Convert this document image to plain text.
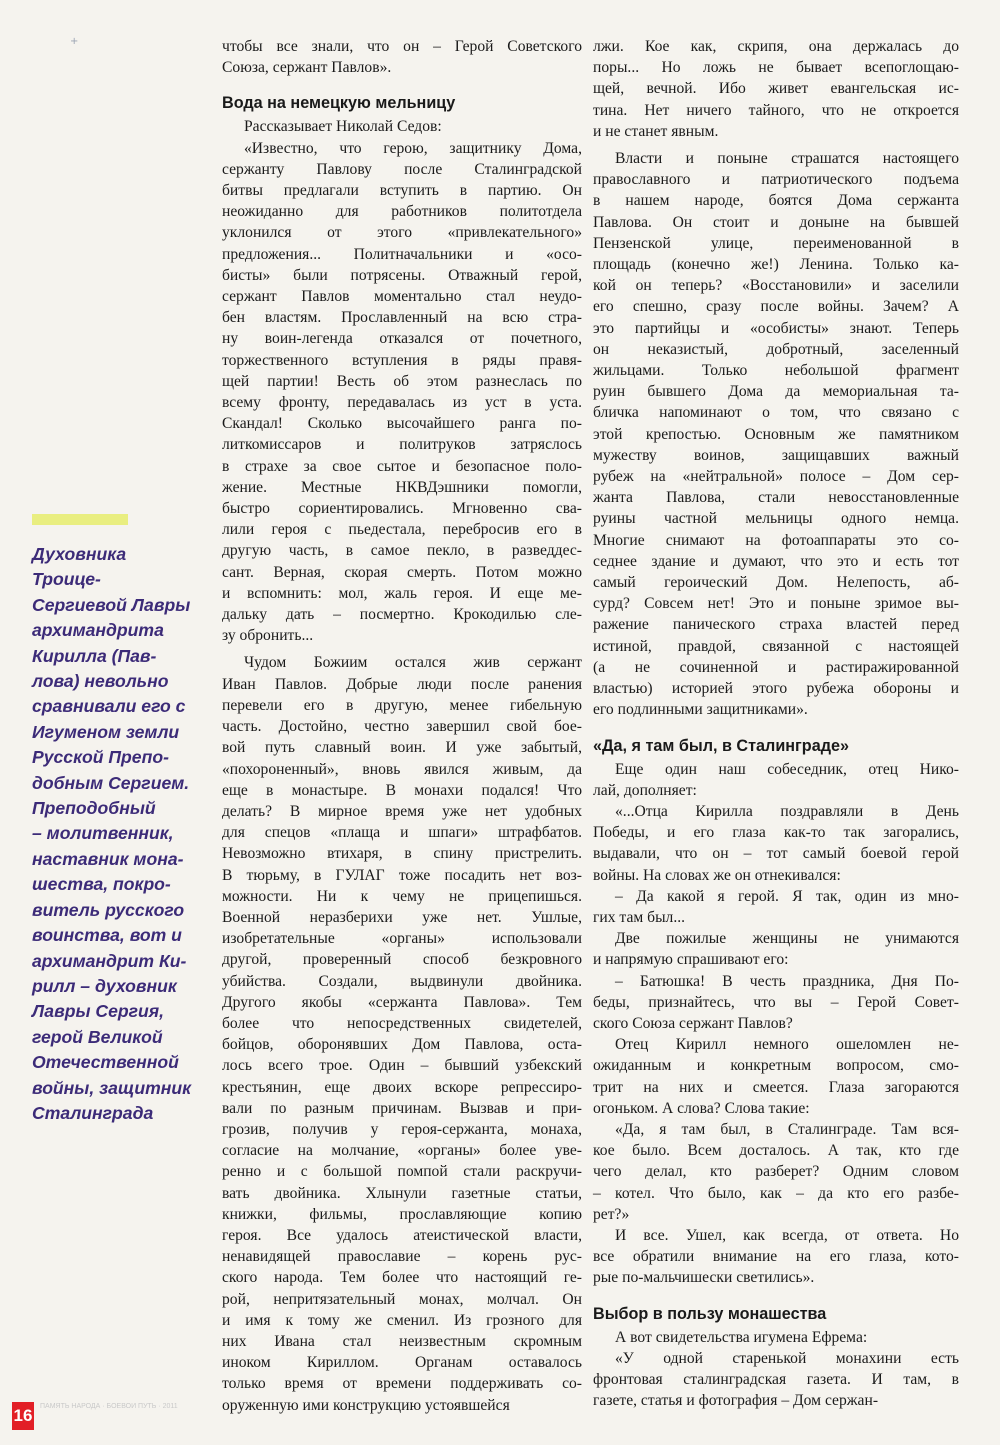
+
Духовника
Троице-
Сергиевой Лавры
архимандрита
Кирилла (Пав-
лова) невольно
сравнивали его с
Игуменом земли
Русской Препо-
добным Сергием.
Преподобный
– молитвенник,
наставник мона-
шества, покро-
витель русского
воинства, вот и
архимандрит Ки-
рилл – духовник
Лавры Сергия,
герой Великой
Отечественной
войны, защитник
Сталинграда
чтобы все знали, что он – Герой Советского
Союза, сержант Павлов».
Вода на немецкую мельницу
Рассказывает Николай Седов:
«Известно, что герою, защитнику Дома,
сержанту Павлову после Сталинградской
битвы предлагали вступить в партию. Он
неожиданно для работников политотдела
уклонился от этого «привлекательного»
предложения... Политначальники и «осо-
бисты» были потрясены. Отважный герой,
сержант Павлов моментально стал неудо-
бен властям. Прославленный на всю стра-
ну воин-легенда отказался от почетного,
торжественного вступления в ряды правя-
щей партии! Весть об этом разнеслась по
всему фронту, передавалась из уст в уста.
Скандал! Сколько высочайшего ранга по-
литкомиссаров и политруков затряслось
в страхе за свое сытое и безопасное поло-
жение. Местные НКВДэшники помогли,
быстро сориентировались. Мгновенно сва-
лили героя с пьедестала, перебросив его в
другую часть, в самое пекло, в разведдес-
сант. Верная, скорая смерть. Потом можно
и вспомнить: мол, жаль героя. И еще ме-
дальку дать – посмертно. Крокодилью сле-
зу обронить...
Чудом Божиим остался жив сержант
Иван Павлов. Добрые люди после ранения
перевели его в другую, менее гибельную
часть. Достойно, честно завершил свой бое-
вой путь славный воин. И уже забытый,
«похороненный», вновь явился живым, да
еще в монастыре. В монахи подался! Что
делать? В мирное время уже нет удобных
для спецов «плаща и шпаги» штрафбатов.
Невозможно втихаря, в спину пристрелить.
В тюрьму, в ГУЛАГ тоже посадить нет воз-
можности. Ни к чему не прицепишься.
Военной неразберихи уже нет. Ушлые,
изобретательные «органы» использовали
другой, проверенный способ безкровного
убийства. Создали, выдвинули двойника.
Другого якобы «сержанта Павлова». Тем
более что непосредственных свидетелей,
бойцов, оборонявших Дом Павлова, оста-
лось всего трое. Один – бывший узбекский
крестьянин, еще двоих вскоре репрессиро-
вали по разным причинам. Вызвав и при-
грозив, получив у героя-сержанта, монаха,
согласие на молчание, «органы» более уве-
ренно и с большой помпой стали раскручи-
вать двойника. Хлынули газетные статьи,
книжки, фильмы, прославляющие копию
героя. Все удалось атеистической власти,
ненавидящей православие – корень рус-
ского народа. Тем более что настоящий ге-
рой, непритязательный монах, молчал. Он
и имя к тому же сменил. Из грозного для
них Ивана стал неизвестным скромным
иноком Кириллом. Органам оставалось
только время от времени поддерживать со-
оруженную ими конструкцию устоявшейся
лжи. Кое как, скрипя, она держалась до
поры... Но ложь не бывает всепоглощаю-
щей, вечной. Ибо живет евангельская ис-
тина. Нет ничего тайного, что не откроется
и не станет явным.
Власти и поныне страшатся настоящего
православного и патриотического подъема
в нашем народе, боятся Дома сержанта
Павлова. Он стоит и доныне на бывшей
Пензенской улице, переименованной в
площадь (конечно же!) Ленина. Только ка-
кой он теперь? «Восстановили» и заселили
его спешно, сразу после войны. Зачем? А
это партийцы и «особисты» знают. Теперь
он неказистый, добротный, заселенный
жильцами. Только небольшой фрагмент
руин бывшего Дома да мемориальная та-
бличка напоминают о том, что связано с
этой крепостью. Основным же памятником
мужеству воинов, защищавших важный
рубеж на «нейтральной» полосе – Дом сер-
жанта Павлова, стали невосстановленные
руины частной мельницы одного немца.
Многие снимают на фотоаппараты это со-
седнее здание и думают, что это и есть тот
самый героический Дом. Нелепость, аб-
сурд? Совсем нет! Это и поныне зримое вы-
ражение панического страха властей перед
истиной, правдой, связанной с настоящей
(а не сочиненной и растиражированной
властью) историей этого рубежа обороны и
его подлинными защитниками».
«Да, я там был, в Сталинграде»
Еще один наш собеседник, отец Нико-
лай, дополняет:
«...Отца Кирилла поздравляли в День
Победы, и его глаза как-то так загорались,
выдавали, что он – тот самый боевой герой
войны. На словах же он отнекивался:
– Да какой я герой. Я так, один из мно-
гих там был...
Две пожилые женщины не унимаются
и напрямую спрашивают его:
– Батюшка! В честь праздника, Дня По-
беды, признайтесь, что вы – Герой Совет-
ского Союза сержант Павлов?
Отец Кирилл немного ошеломлен не-
ожиданным и конкретным вопросом, смо-
трит на них и смеется. Глаза загораются
огоньком. А слова? Слова такие:
«Да, я там был, в Сталинграде. Там вся-
кое было. Всем досталось. А так, кто где
чего делал, кто разберет? Одним словом
– котел. Что было, как – да кто его разбе-
рет?»
И все. Ушел, как всегда, от ответа. Но
все обратили внимание на его глаза, кото-
рые по-мальчишески светились».
Выбор в пользу монашества
А вот свидетельства игумена Ефрема:
«У одной старенькой монахини есть
фронтовая сталинградская газета. И там, в
газете, статья и фотография – Дом сержан-
16 ПАМЯТЬ НАРОДА · БОЕВОЙ ПУТЬ · 2011
